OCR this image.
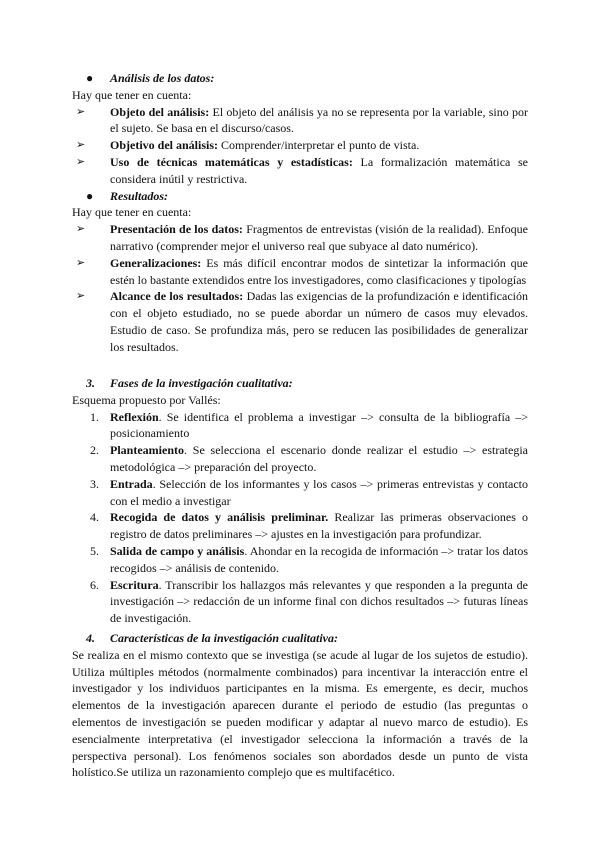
● Análisis de los datos:

Hay que tener en cuenta:

➢ Objeto del análisis: El objeto del análisis ya no se representa por la variable, sino por el sujeto. Se basa en el discurso/casos.

➢ Objetivo del análisis: Comprender/interpretar el punto de vista.

➢ Uso de técnicas matemáticas y estadísticas: La formalización matemática se considera inútil y restrictiva.

● Resultados:

Hay que tener en cuenta:

➢ Presentación de los datos: Fragmentos de entrevistas (visión de la realidad). Enfoque narrativo (comprender mejor el universo real que subyace al dato numérico).

➢ Generalizaciones: Es más difícil encontrar modos de sintetizar la información que estén lo bastante extendidos entre los investigadores, como clasificaciones y tipologías

➢ Alcance de los resultados: Dadas las exigencias de la profundización e identificación con el objeto estudiado, no se puede abordar un número de casos muy elevados. Estudio de caso. Se profundiza más, pero se reducen las posibilidades de generalizar los resultados.

3. Fases de la investigación cualitativa:

Esquema propuesto por Vallés:

1. Reflexión. Se identifica el problema a investigar –> consulta de la bibliografía –> posicionamiento

2. Planteamiento. Se selecciona el escenario donde realizar el estudio –> estrategia metodológica –> preparación del proyecto.

3. Entrada. Selección de los informantes y los casos –> primeras entrevistas y contacto con el medio a investigar

4. Recogida de datos y análisis preliminar. Realizar las primeras observaciones o registro de datos preliminares –> ajustes en la investigación para profundizar.

5. Salida de campo y análisis. Ahondar en la recogida de información –> tratar los datos recogidos –> análisis de contenido.

6. Escritura. Transcribir los hallazgos más relevantes y que responden a la pregunta de investigación –> redacción de un informe final con dichos resultados –> futuras líneas de investigación.

4. Características de la investigación cualitativa:

Se realiza en el mismo contexto que se investiga (se acude al lugar de los sujetos de estudio). Utiliza múltiples métodos (normalmente combinados) para incentivar la interacción entre el investigador y los individuos participantes en la misma. Es emergente, es decir, muchos elementos de la investigación aparecen durante el periodo de estudio (las preguntas o elementos de investigación se pueden modificar y adaptar al nuevo marco de estudio). Es esencialmente interpretativa (el investigador selecciona la información a través de la perspectiva personal). Los fenómenos sociales son abordados desde un punto de vista holístico.Se utiliza un razonamiento complejo que es multifacético.
